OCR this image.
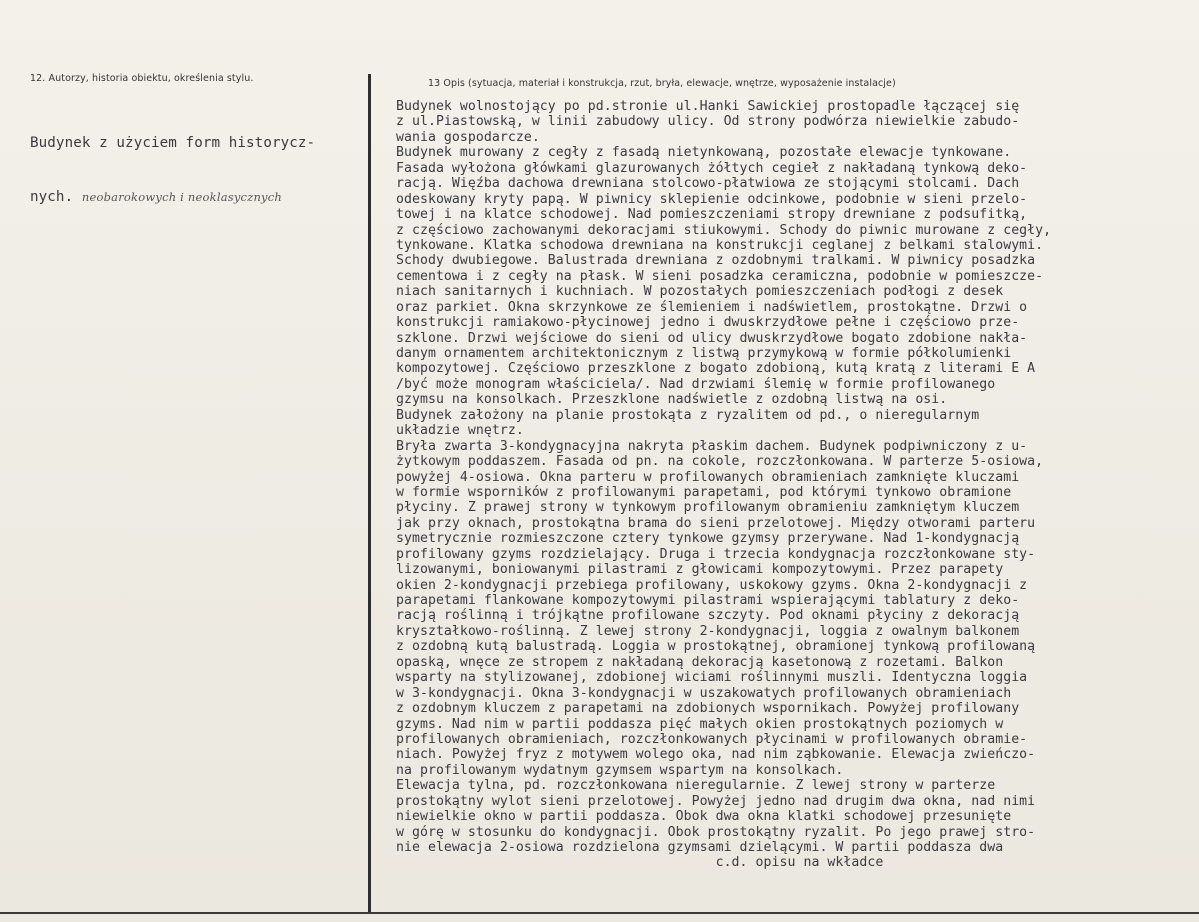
12. Autorzy, historia obiektu, określenia stylu.	13 Opis (sytuacja, materiał i konstrukcja, rzut, bryła, elewacje, wnętrze, wyposażenie instalacje)

Budynek z użyciem form historycz-

nych. neobarokowych i neoklasycznych

Budynek wolnostojący po pd.stronie ul.Hanki Sawickiej prostopadle łączącej się
z ul.Piastowską, w linii zabudowy ulicy. Od strony podwórza niewielkie zabudo-
wania gospodarcze.
Budynek murowany z cegły z fasadą nietynkowaną, pozostałe elewacje tynkowane.
Fasada wyłożona główkami glazurowanych żółtych cegieł z nakładaną tynkową deko-
racją. Więźba dachowa drewniana stolcowo-płatwiowa ze stojącymi stolcami. Dach
odeskowany kryty papą. W piwnicy sklepienie odcinkowe, podobnie w sieni przelo-
towej i na klatce schodowej. Nad pomieszczeniami stropy drewniane z podsufitką,
z częściowo zachowanymi dekoracjami stiukowymi. Schody do piwnic murowane z cegły,
tynkowane. Klatka schodowa drewniana na konstrukcji ceglanej z belkami stalowymi.
Schody dwubiegowe. Balustrada drewniana z ozdobnymi tralkami. W piwnicy posadzka
cementowa i z cegły na płask. W sieni posadzka ceramiczna, podobnie w pomieszcze-
niach sanitarnych i kuchniach. W pozostałych pomieszczeniach podłogi z desek
oraz parkiet. Okna skrzynkowe ze ślemieniem i nadświetlem, prostokątne. Drzwi o
konstrukcji ramiakowo-płycinowej jedno i dwuskrzydłowe pełne i częściowo prze-
szklone. Drzwi wejściowe do sieni od ulicy dwuskrzydłowe bogato zdobione nakła-
danym ornamentem architektonicznym z listwą przymykową w formie półkolumienki
kompozytowej. Częściowo przeszklone z bogato zdobioną, kutą kratą z literami E A
/być może monogram właściciela/. Nad drzwiami ślemię w formie profilowanego
gzymsu na konsolkach. Przeszklone nadświetle z ozdobną listwą na osi.
Budynek założony na planie prostokąta z ryzalitem od pd., o nieregularnym
układzie wnętrz.
Bryła zwarta 3-kondygnacyjna nakryta płaskim dachem. Budynek podpiwniczony z u-
żytkowym poddaszem. Fasada od pn. na cokole, rozczłonkowana. W parterze 5-osiowa,
powyżej 4-osiowa. Okna parteru w profilowanych obramieniach zamknięte kluczami
w formie wsporników z profilowanymi parapetami, pod którymi tynkowo obramione
płyciny. Z prawej strony w tynkowym profilowanym obramieniu zamkniętym kluczem
jak przy oknach, prostokątna brama do sieni przelotowej. Między otworami parteru
symetrycznie rozmieszczone cztery tynkowe gzymsy przerywane. Nad 1-kondygnacją
profilowany gzyms rozdzielający. Druga i trzecia kondygnacja rozczłonkowane sty-
lizowanymi, boniowanymi pilastrami z głowicami kompozytowymi. Przez parapety
okien 2-kondygnacji przebiega profilowany, uskokowy gzyms. Okna 2-kondygnacji z
parapetami flankowane kompozytowymi pilastrami wspierającymi tablatury z deko-
racją roślinną i trójkątne profilowane szczyty. Pod oknami płyciny z dekoracją
kryształkowo-roślinną. Z lewej strony 2-kondygnacji, loggia z owalnym balkonem
z ozdobną kutą balustradą. Loggia w prostokątnej, obramionej tynkową profilowaną
opaską, wnęce ze stropem z nakładaną dekoracją kasetonową z rozetami. Balkon
wsparty na stylizowanej, zdobionej wiciami roślinnymi muszli. Identyczna loggia
w 3-kondygnacji. Okna 3-kondygnacji w uszakowatych profilowanych obramieniach
z ozdobnym kluczem z parapetami na zdobionych wspornikach. Powyżej profilowany
gzyms. Nad nim w partii poddasza pięć małych okien prostokątnych poziomych w
profilowanych obramieniach, rozczłonkowanych płycinami w profilowanych obramie-
niach. Powyżej fryz z motywem wolego oka, nad nim ząbkowanie. Elewacja zwieńczo-
na profilowanym wydatnym gzymsem wspartym na konsolkach.
Elewacja tylna, pd. rozczłonkowana nieregularnie. Z lewej strony w parterze
prostokątny wylot sieni przelotowej. Powyżej jedno nad drugim dwa okna, nad nimi
niewielkie okno w partii poddasza. Obok dwa okna klatki schodowej przesunięte
w górę w stosunku do kondygnacji. Obok prostokątny ryzalit. Po jego prawej stro-
nie elewacja 2-osiowa rozdzielona gzymsami dzielącymi. W partii poddasza dwa
c.d. opisu na wkładce
